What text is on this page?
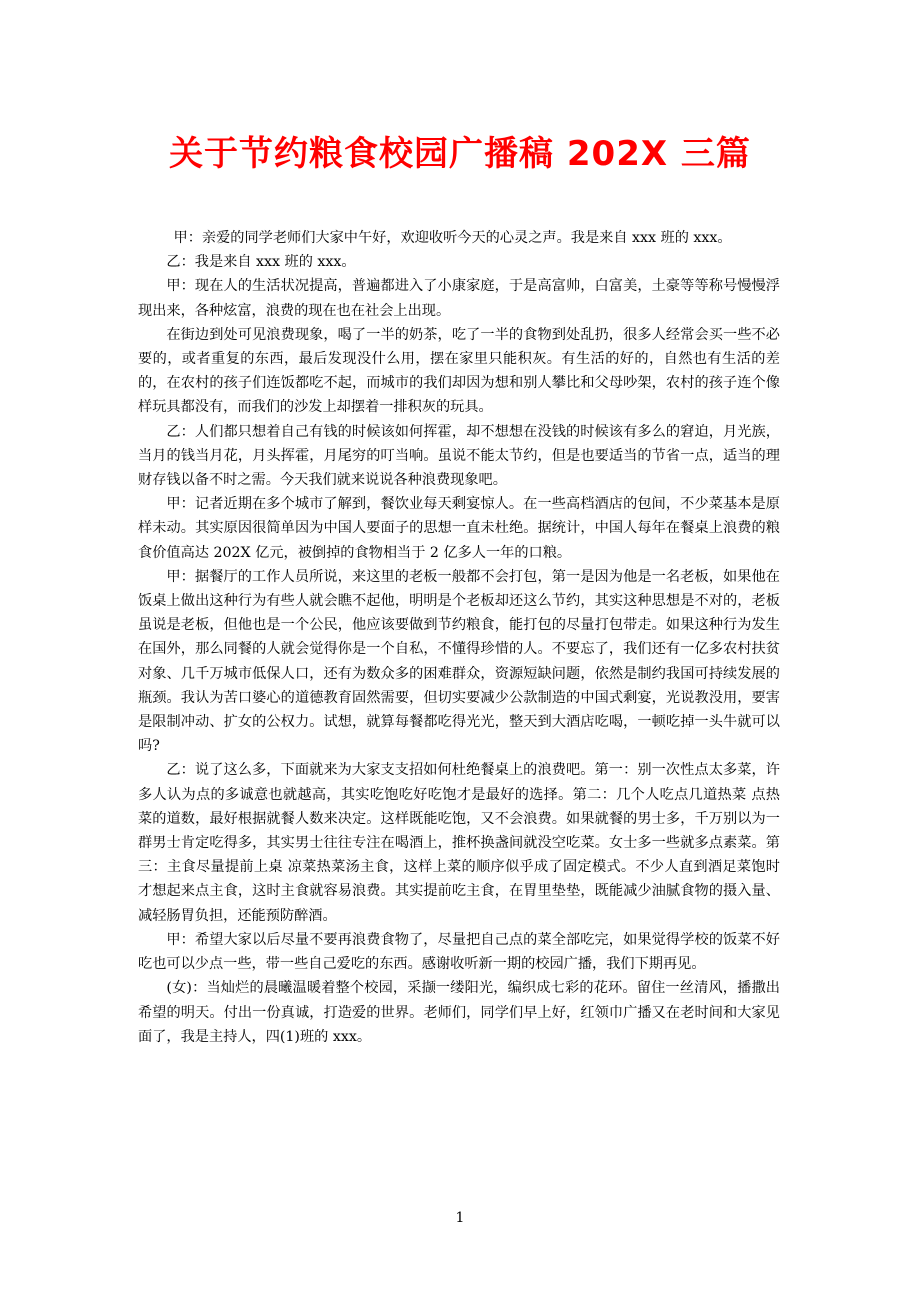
关于节约粮食校园广播稿 202X 三篇

甲：亲爱的同学老师们大家中午好，欢迎收听今天的心灵之声。我是来自 xxx 班的 xxx。

乙：我是来自 xxx 班的 xxx。

甲：现在人的生活状况提高，普遍都进入了小康家庭，于是高富帅，白富美，土豪等等称号慢慢浮现出来，各种炫富，浪费的现在也在社会上出现。

在街边到处可见浪费现象，喝了一半的奶茶，吃了一半的食物到处乱扔，很多人经常会买一些不必要的，或者重复的东西，最后发现没什么用，摆在家里只能积灰。有生活的好的，自然也有生活的差的，在农村的孩子们连饭都吃不起，而城市的我们却因为想和别人攀比和父母吵架，农村的孩子连个像样玩具都没有，而我们的沙发上却摆着一排积灰的玩具。

乙：人们都只想着自己有钱的时候该如何挥霍，却不想想在没钱的时候该有多么的窘迫，月光族，当月的钱当月花，月头挥霍，月尾穷的叮当响。虽说不能太节约，但是也要适当的节省一点，适当的理财存钱以备不时之需。今天我们就来说说各种浪费现象吧。

甲：记者近期在多个城市了解到，餐饮业每天剩宴惊人。在一些高档酒店的包间，不少菜基本是原样未动。其实原因很简单因为中国人要面子的思想一直未杜绝。据统计，中国人每年在餐桌上浪费的粮食价值高达 202X 亿元，被倒掉的食物相当于 2 亿多人一年的口粮。

甲：据餐厅的工作人员所说，来这里的老板一般都不会打包，第一是因为他是一名老板，如果他在饭桌上做出这种行为有些人就会瞧不起他，明明是个老板却还这么节约，其实这种思想是不对的，老板虽说是老板，但他也是一个公民，他应该要做到节约粮食，能打包的尽量打包带走。如果这种行为发生在国外，那么同餐的人就会觉得你是一个自私，不懂得珍惜的人。不要忘了，我们还有一亿多农村扶贫对象、几千万城市低保人口，还有为数众多的困难群众，资源短缺问题，依然是制约我国可持续发展的瓶颈。我认为苦口婆心的道德教育固然需要，但切实要减少公款制造的中国式剩宴，光说教没用，要害是限制冲动、扩女的公权力。试想，就算每餐都吃得光光，整天到大酒店吃喝，一顿吃掉一头牛就可以吗?

乙：说了这么多，下面就来为大家支支招如何杜绝餐桌上的浪费吧。第一：别一次性点太多菜，许多人认为点的多诚意也就越高，其实吃饱吃好吃饱才是最好的选择。第二：几个人吃点几道热菜 点热菜的道数，最好根据就餐人数来决定。这样既能吃饱，又不会浪费。如果就餐的男士多，千万别以为一群男士肯定吃得多，其实男士往往专注在喝酒上，推杯换盏间就没空吃菜。女士多一些就多点素菜。第三：主食尽量提前上桌 凉菜热菜汤主食，这样上菜的顺序似乎成了固定模式。不少人直到酒足菜饱时才想起来点主食，这时主食就容易浪费。其实提前吃主食，在胃里垫垫，既能减少油腻食物的摄入量、减轻肠胃负担，还能预防醉酒。

甲：希望大家以后尽量不要再浪费食物了，尽量把自己点的菜全部吃完，如果觉得学校的饭菜不好吃也可以少点一些，带一些自己爱吃的东西。感谢收听新一期的校园广播，我们下期再见。

(女)：当灿烂的晨曦温暖着整个校园，采撷一缕阳光，编织成七彩的花环。留住一丝清风，播撒出希望的明天。付出一份真诚，打造爱的世界。老师们，同学们早上好，红领巾广播又在老时间和大家见面了，我是主持人，四(1)班的 xxx。

1
